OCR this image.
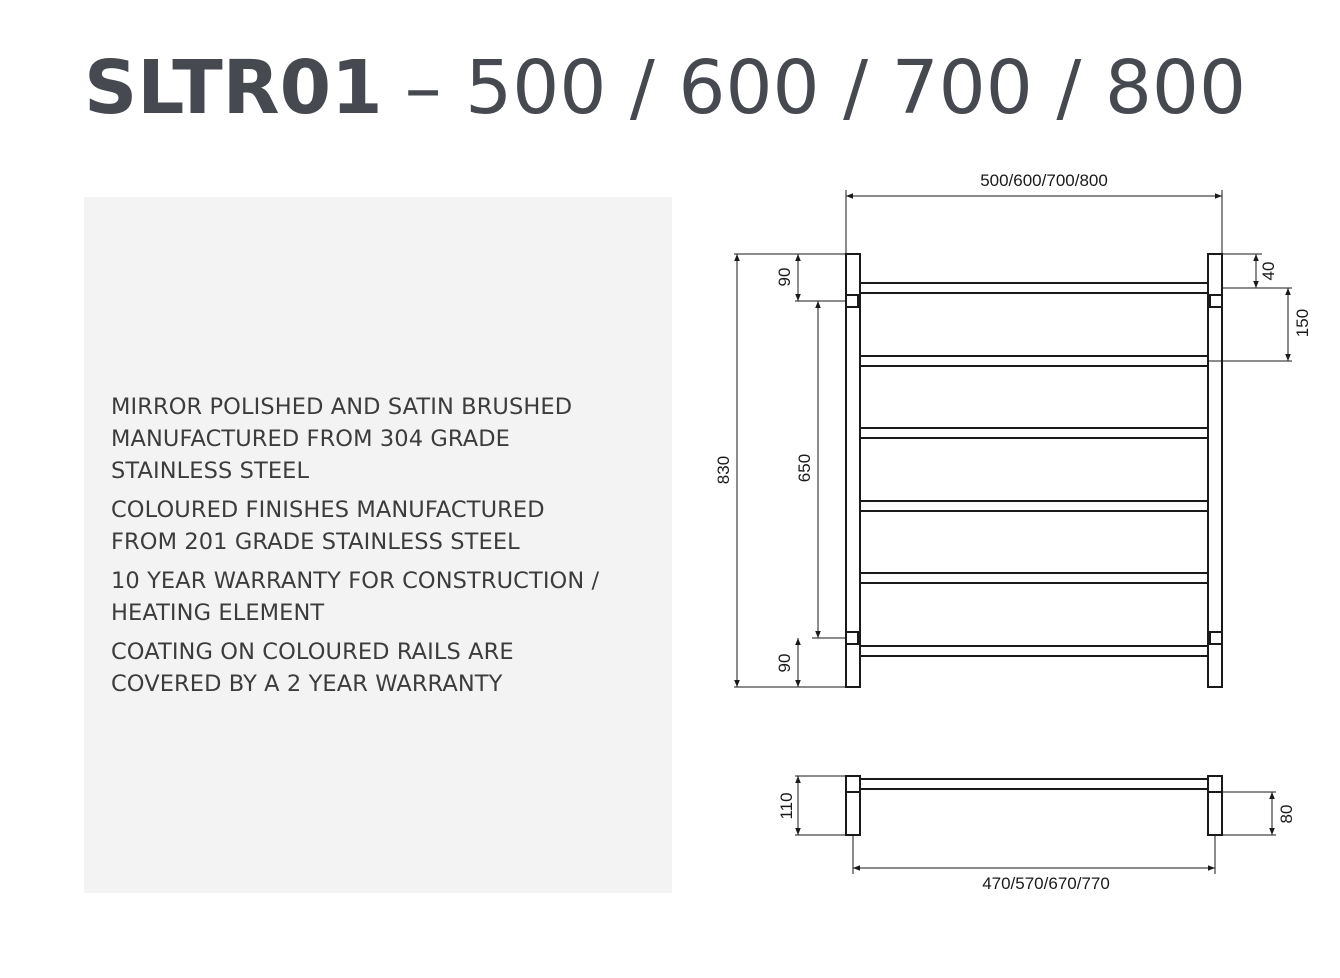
SLTR01 – 500 / 600 / 700 / 800
MIRROR POLISHED AND SATIN BRUSHED
MANUFACTURED FROM 304 GRADE
STAINLESS STEEL
COLOURED FINISHES MANUFACTURED
FROM 201 GRADE STAINLESS STEEL
10 YEAR WARRANTY FOR CONSTRUCTION /
HEATING ELEMENT
COATING ON COLOURED RAILS ARE
COVERED BY A 2 YEAR WARRANTY
500/600/700/800
830
90
650
90
40
150
110	80
470/570/670/770
